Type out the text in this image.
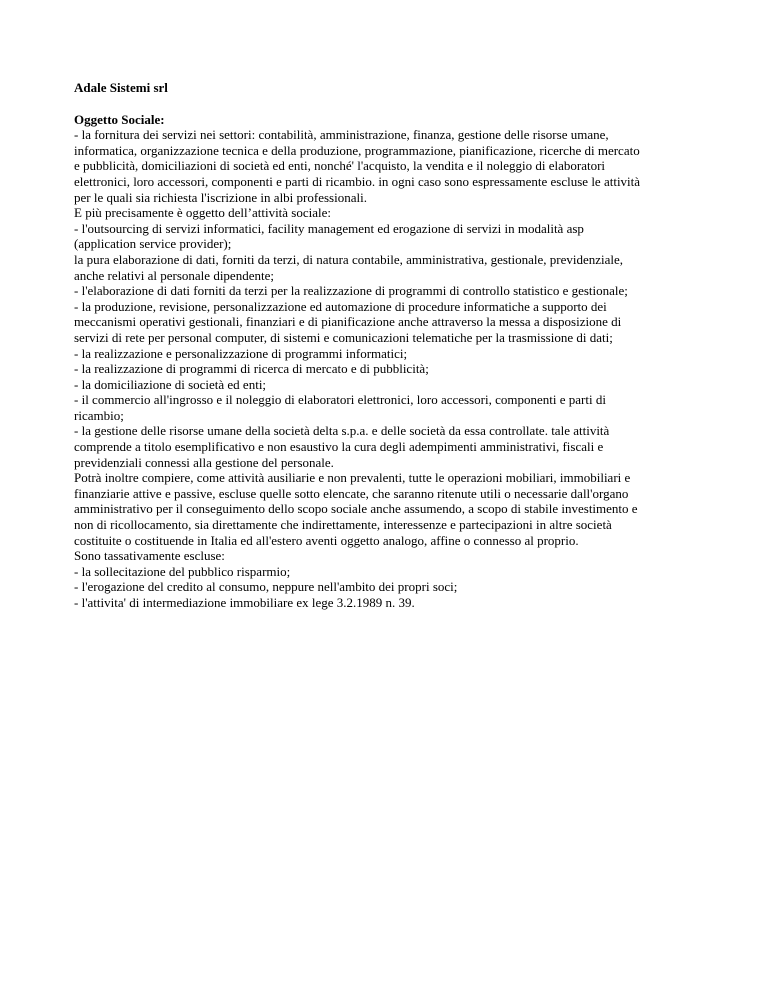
Adale Sistemi srl

Oggetto Sociale:

- la fornitura dei servizi nei settori: contabilità, amministrazione, finanza, gestione delle risorse umane,

informatica, organizzazione tecnica e della produzione, programmazione, pianificazione, ricerche di mercato

e pubblicità, domiciliazioni di società ed enti, nonché' l'acquisto, la vendita e il noleggio di elaboratori

elettronici, loro accessori, componenti e parti di ricambio. in ogni caso sono espressamente escluse le attività

per le quali sia richiesta l'iscrizione in albi professionali.

E più precisamente è oggetto dell’attività sociale:

- l'outsourcing di servizi informatici, facility management ed erogazione di servizi in modalità asp

(application service provider);

la pura elaborazione di dati, forniti da terzi, di natura contabile, amministrativa, gestionale, previdenziale,

anche relativi al personale dipendente;

- l'elaborazione di dati forniti da terzi per la realizzazione di programmi di controllo statistico e gestionale;

- la produzione, revisione, personalizzazione ed automazione di procedure informatiche a supporto dei

meccanismi operativi gestionali, finanziari e di pianificazione anche attraverso la messa a disposizione di

servizi di rete per personal computer, di sistemi e comunicazioni telematiche per la trasmissione di dati;

- la realizzazione e personalizzazione di programmi informatici;

- la realizzazione di programmi di ricerca di mercato e di pubblicità;

- la domiciliazione di società ed enti;

- il commercio all'ingrosso e il noleggio di elaboratori elettronici, loro accessori, componenti e parti di

ricambio;

- la gestione delle risorse umane della società delta s.p.a. e delle società da essa controllate. tale attività

comprende a titolo esemplificativo e non esaustivo la cura degli adempimenti amministrativi, fiscali e

previdenziali connessi alla gestione del personale.

Potrà inoltre compiere, come attività ausiliarie e non prevalenti, tutte le operazioni mobiliari, immobiliari e

finanziarie attive e passive, escluse quelle sotto elencate, che saranno ritenute utili o necessarie dall'organo

amministrativo per il conseguimento dello scopo sociale anche assumendo, a scopo di stabile investimento e

non di ricollocamento, sia direttamente che indirettamente, interessenze e partecipazioni in altre società

costituite o costituende in Italia ed all'estero aventi oggetto analogo, affine o connesso al proprio.

Sono tassativamente escluse:

- la sollecitazione del pubblico risparmio;

- l'erogazione del credito al consumo, neppure nell'ambito dei propri soci;

- l'attivita' di intermediazione immobiliare ex lege 3.2.1989 n. 39.
